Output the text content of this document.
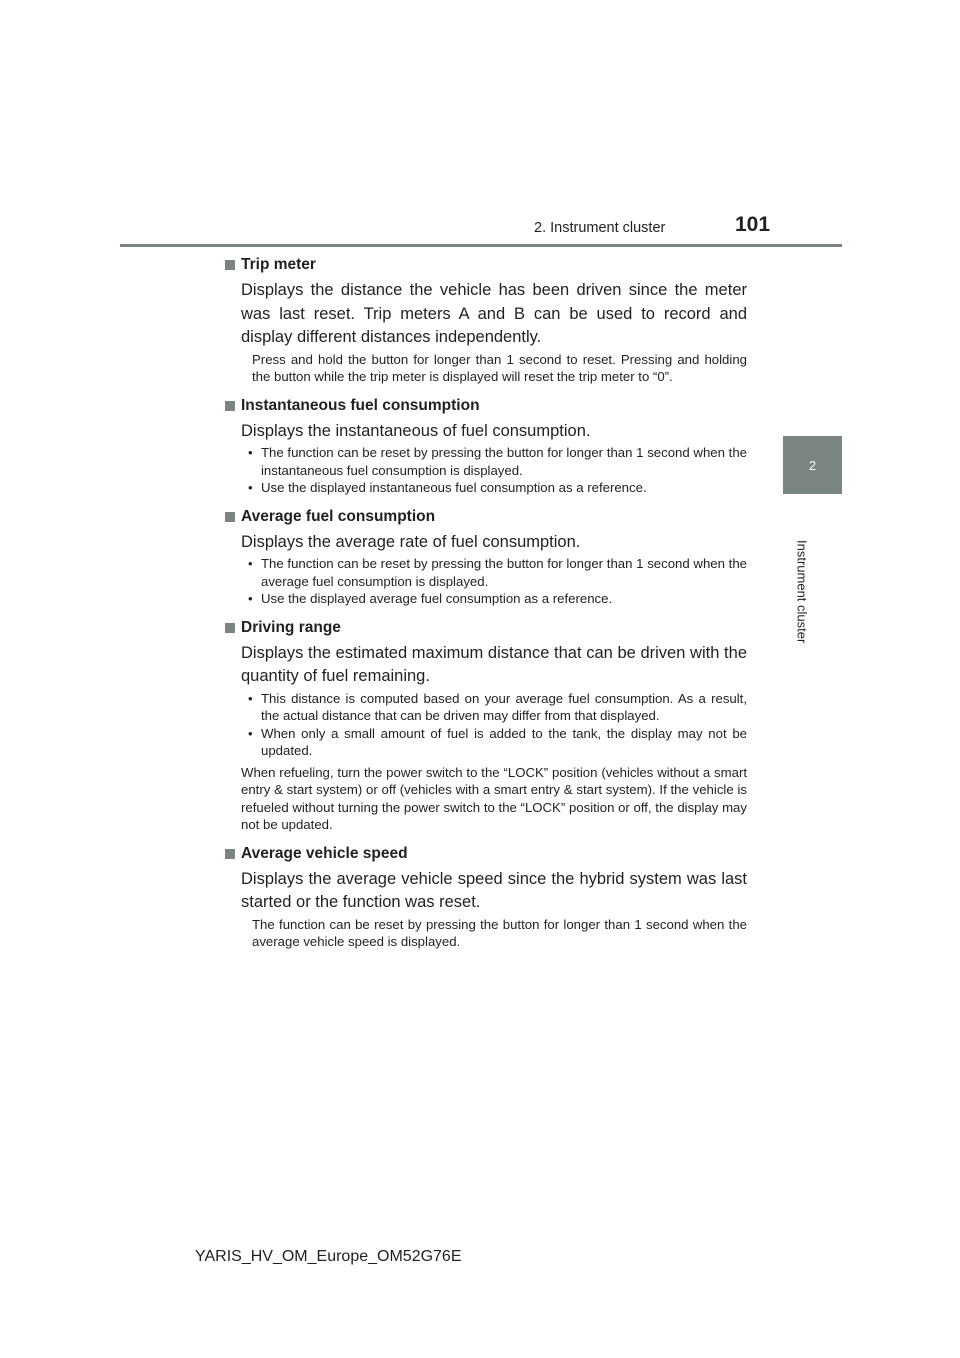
2. Instrument cluster	101
2
Instrument cluster
Trip meter

Displays the distance the vehicle has been driven since the meter was last reset. Trip meters A and B can be used to record and display different distances independently.

Press and hold the button for longer than 1 second to reset. Pressing and holding the button while the trip meter is displayed will reset the trip meter to “0”.

Instantaneous fuel consumption

Displays the instantaneous of fuel consumption.

• The function can be reset by pressing the button for longer than 1 second when the instantaneous fuel consumption is displayed.
• Use the displayed instantaneous fuel consumption as a reference.
Average fuel consumption

Displays the average rate of fuel consumption.

• The function can be reset by pressing the button for longer than 1 second when the average fuel consumption is displayed.
• Use the displayed average fuel consumption as a reference.
Driving range

Displays the estimated maximum distance that can be driven with the quantity of fuel remaining.

• This distance is computed based on your average fuel consumption. As a result, the actual distance that can be driven may differ from that displayed.
• When only a small amount of fuel is added to the tank, the display may not be updated.

When refueling, turn the power switch to the “LOCK” position (vehicles without a smart entry & start system) or off (vehicles with a smart entry & start system). If the vehicle is refueled without turning the power switch to the “LOCK” position or off, the display may not be updated.

Average vehicle speed

Displays the average vehicle speed since the hybrid system was last started or the function was reset.

The function can be reset by pressing the button for longer than 1 second when the average vehicle speed is displayed.

YARIS_HV_OM_Europe_OM52G76E
